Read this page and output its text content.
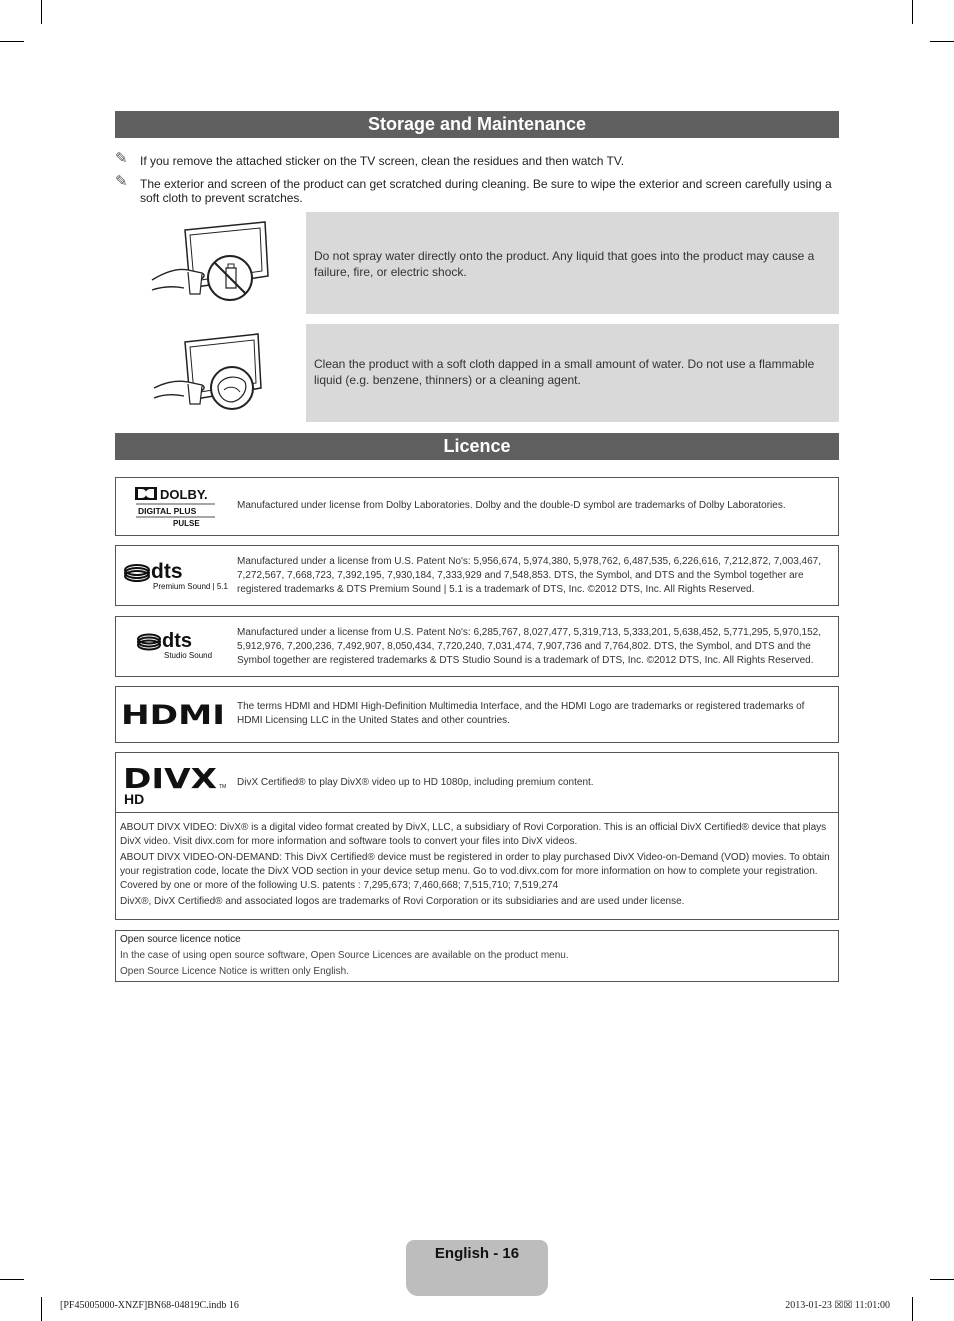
Storage and Maintenance
✎ If you remove the attached sticker on the TV screen, clean the residues and then watch TV.
✎ The exterior and screen of the product can get scratched during cleaning. Be sure to wipe the exterior and screen carefully using a soft cloth to prevent scratches.
Do not spray water directly onto the product. Any liquid that goes into the product may cause a failure, fire, or electric shock.
Clean the product with a soft cloth dapped in a small amount of water. Do not use a flammable liquid (e.g. benzene, thinners) or a cleaning agent.
Licence
DOLBY.
DIGITAL PLUS
PULSE
Manufactured under license from Dolby Laboratories. Dolby and the double-D symbol are trademarks of Dolby Laboratories.
dts
Premium Sound | 5.1
Manufactured under a license from U.S. Patent No's: 5,956,674, 5,974,380, 5,978,762, 6,487,535, 6,226,616, 7,212,872, 7,003,467, 7,272,567, 7,668,723, 7,392,195, 7,930,184, 7,333,929 and 7,548,853. DTS, the Symbol, and DTS and the Symbol together are registered trademarks & DTS Premium Sound | 5.1 is a trademark of DTS, Inc. ©2012 DTS, Inc. All Rights Reserved.
dts
Studio Sound
Manufactured under a license from U.S. Patent No's: 6,285,767, 8,027,477, 5,319,713, 5,333,201, 5,638,452, 5,771,295, 5,970,152, 5,912,976, 7,200,236, 7,492,907, 8,050,434, 7,720,240, 7,031,474, 7,907,736 and 7,764,802. DTS, the Symbol, and DTS and the Symbol together are registered trademarks & DTS Studio Sound is a trademark of DTS, Inc. ©2012 DTS, Inc. All Rights Reserved.
HDMI The terms HDMI and HDMI High-Definition Multimedia Interface, and the HDMI Logo are trademarks or registered trademarks of HDMI Licensing LLC in the United States and other countries.
DIVX
HD
TM DivX Certified® to play DivX® video up to HD 1080p, including premium content.

ABOUT DIVX VIDEO: DivX® is a digital video format created by DivX, LLC, a subsidiary of Rovi Corporation. This is an official DivX Certified® device that plays DivX video. Visit divx.com for more information and software tools to convert your files into DivX videos.

ABOUT DIVX VIDEO-ON-DEMAND: This DivX Certified® device must be registered in order to play purchased DivX Video-on-Demand (VOD) movies. To obtain your registration code, locate the DivX VOD section in your device setup menu. Go to vod.divx.com for more information on how to complete your registration. Covered by one or more of the following U.S. patents : 7,295,673; 7,460,668; 7,515,710; 7,519,274

DivX®, DivX Certified® and associated logos are trademarks of Rovi Corporation or its subsidiaries and are used under license.

Open source licence notice
In the case of using open source software, Open Source Licences are available on the product menu.
Open Source Licence Notice is written only English.
English - 16
[PF45005000-XNZF]BN68-04819C.indb 16	2013-01-23 ☒☒ 11:01:00
